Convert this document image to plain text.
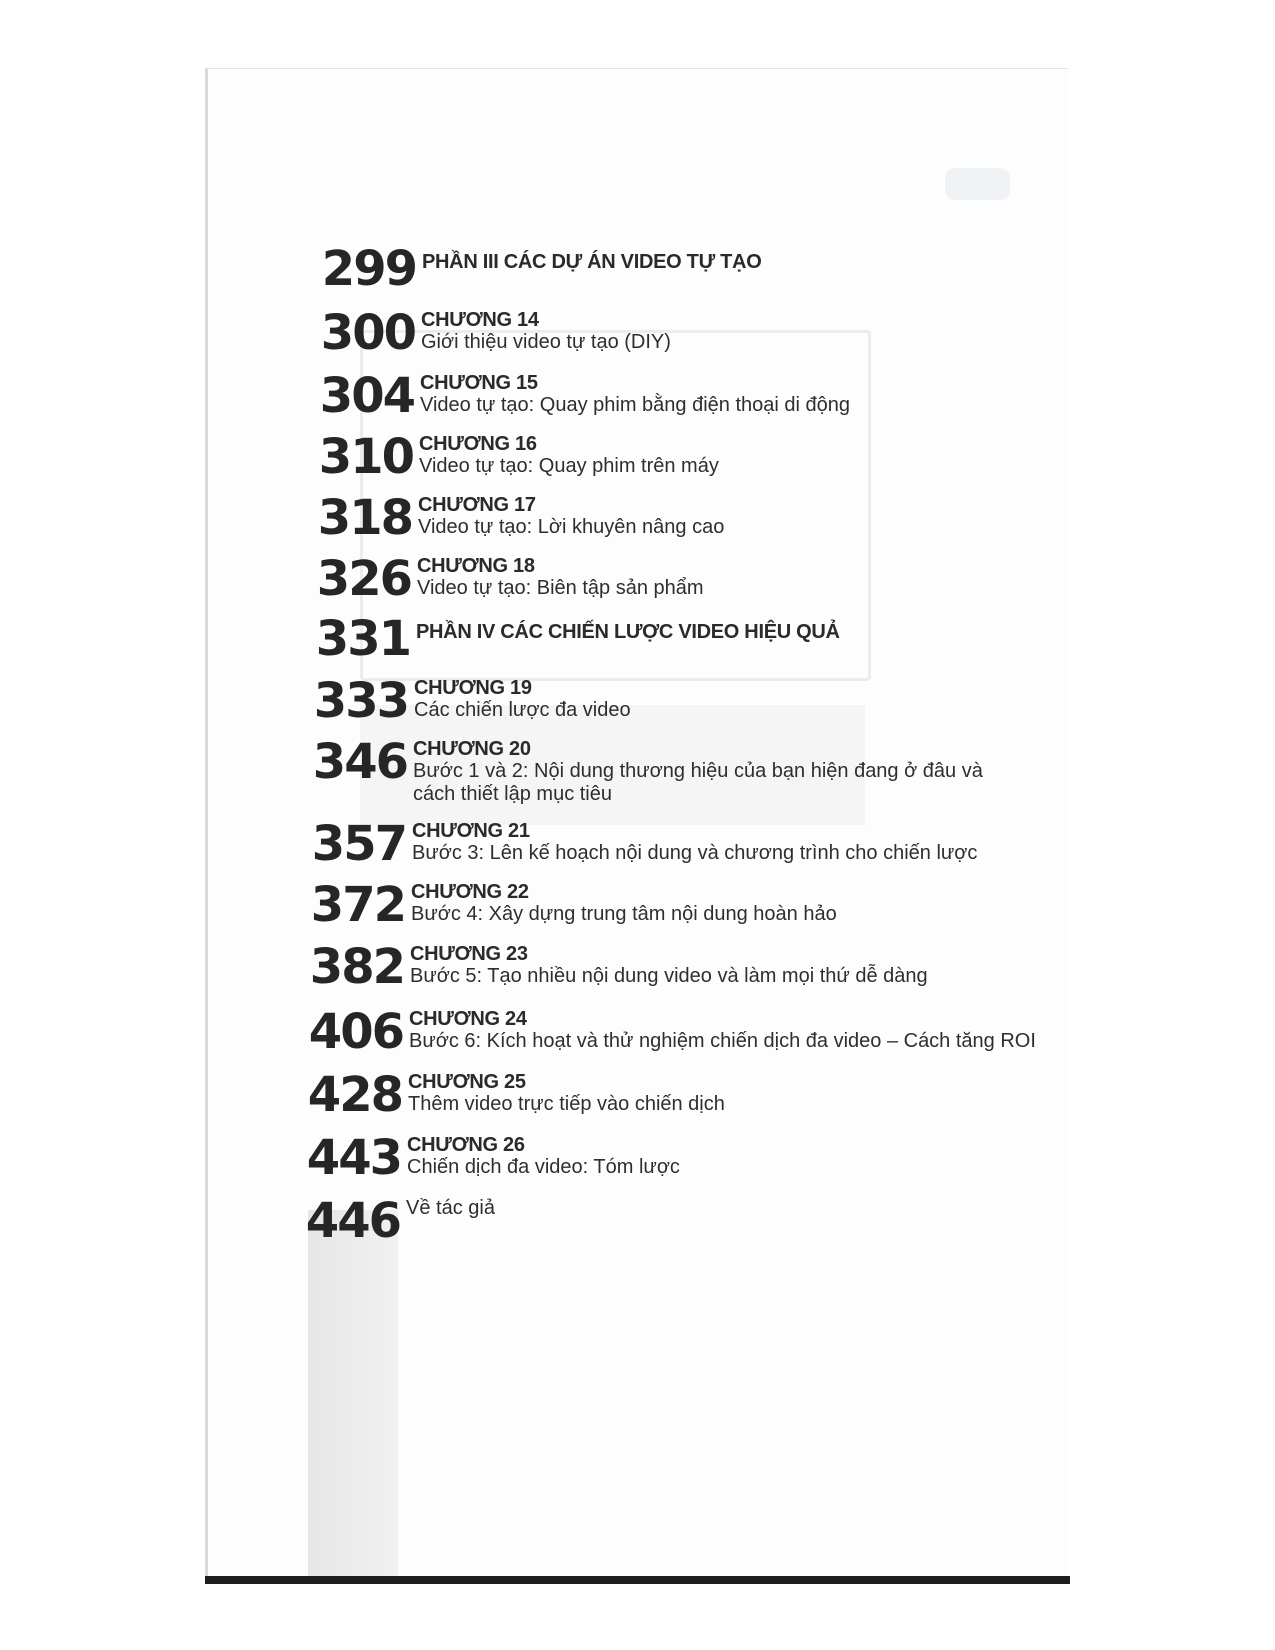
299 PHẦN III CÁC DỰ ÁN VIDEO TỰ TẠO
300 CHƯƠNG 14
Giới thiệu video tự tạo (DIY)
304 CHƯƠNG 15
Video tự tạo: Quay phim bằng điện thoại di động
310 CHƯƠNG 16
Video tự tạo: Quay phim trên máy
318 CHƯƠNG 17
Video tự tạo: Lời khuyên nâng cao
326 CHƯƠNG 18
Video tự tạo: Biên tập sản phẩm
331 PHẦN IV CÁC CHIẾN LƯỢC VIDEO HIỆU QUẢ
333 CHƯƠNG 19
Các chiến lược đa video
346 CHƯƠNG 20
Bước 1 và 2: Nội dung thương hiệu của bạn hiện đang ở đâu và cách thiết lập mục tiêu
357 CHƯƠNG 21
Bước 3: Lên kế hoạch nội dung và chương trình cho chiến lược
372 CHƯƠNG 22
Bước 4: Xây dựng trung tâm nội dung hoàn hảo
382 CHƯƠNG 23
Bước 5: Tạo nhiều nội dung video và làm mọi thứ dễ dàng
406 CHƯƠNG 24
Bước 6: Kích hoạt và thử nghiệm chiến dịch đa video – Cách tăng ROI
428 CHƯƠNG 25
Thêm video trực tiếp vào chiến dịch
443 CHƯƠNG 26
Chiến dịch đa video: Tóm lược
446 Về tác giả
